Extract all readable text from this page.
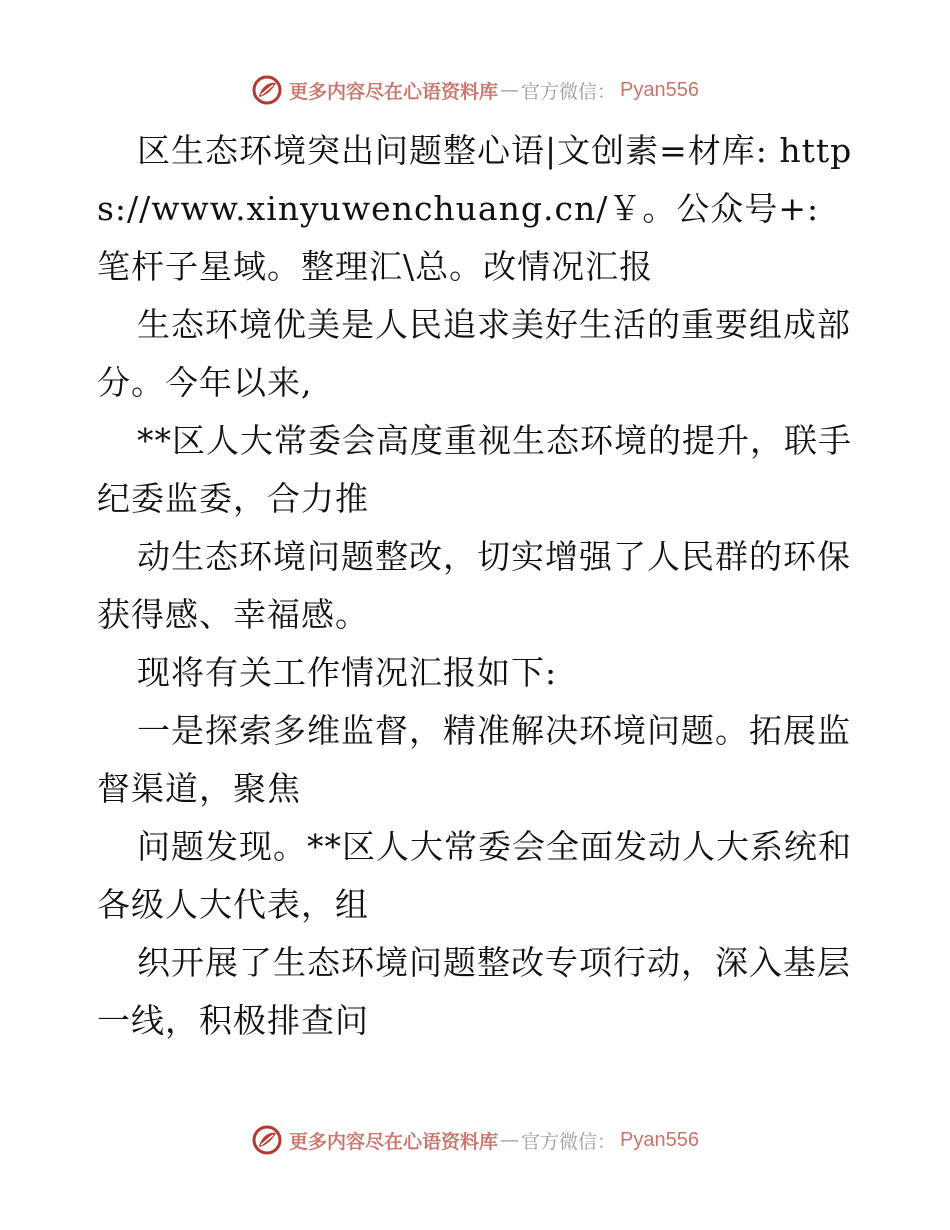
更多内容尽在心语资料库 — 官方微信： Pyan556

区生态环境突出问题整心语|文创素=材库: https://www.xinyuwenchuang.cn/￥。公众号+: 笔杆子星域。整理汇\总。改情况汇报

生态环境优美是人民追求美好生活的重要组成部分。今年以来,

**区人大常委会高度重视生态环境的提升，联手纪委监委，合力推

动生态环境问题整改，切实增强了人民群的环保获得感、幸福感。

现将有关工作情况汇报如下:

一是探索多维监督，精准解决环境问题。拓展监督渠道，聚焦

问题发现。**区人大常委会全面发动人大系统和各级人大代表，组

织开展了生态环境问题整改专项行动，深入基层一线，积极排查问

更多内容尽在心语资料库 — 官方微信： Pyan556
